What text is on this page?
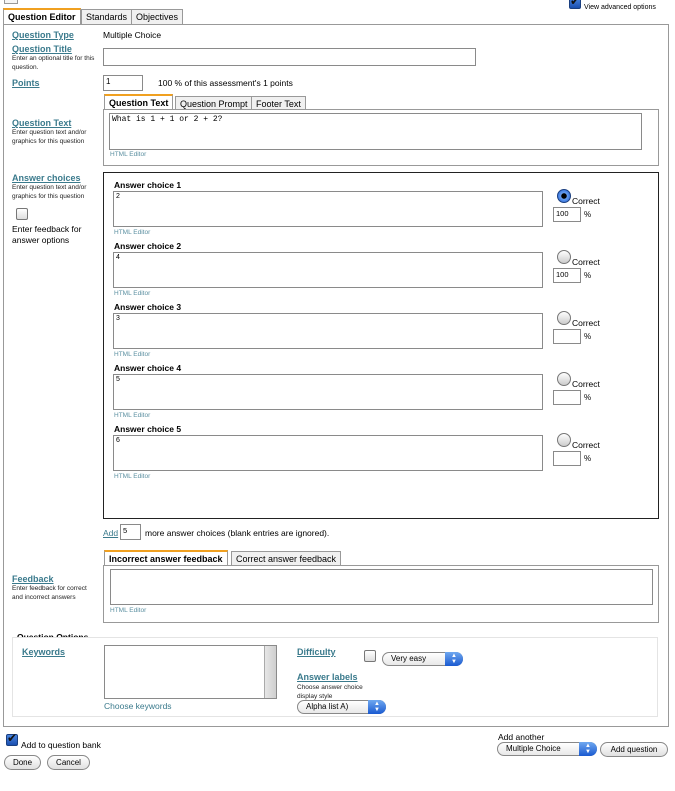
✔
View advanced options
Question Editor	Standards Objectives
Question Type	Multiple Choice
Question Title
Enter an optional title for this question.
Points	1	100 % of this assessment's 1 points
Question Text	Question Prompt Footer Text
Question Text
Enter question text and/or graphics for this question
What is 1 + 1 or 2 + 2?
HTML Editor
Answer choices
Enter question text and/or graphics for this question
Enter feedback for answer options
Answer choice 1
2
HTML Editor
Correct
100	%
Answer choice 2
4
HTML Editor
Correct
100	%
Answer choice 3
3
HTML Editor
Correct
%
Answer choice 4
5
HTML Editor
Correct
%
Answer choice 5
6
HTML Editor
Correct
%
Add 5	more answer choices (blank entries are ignored).
Incorrect answer feedback	Correct answer feedback
HTML Editor
Feedback
Enter feedback for correct and incorrect answers
Keywords
Choose keywords
Difficulty
Very easy	▲
▼
Answer labels
Choose answer choice display style
Alpha list A)	▲
▼
✔
Add to question bank
Done	Cancel
Add another
Multiple Choice	▲
▼	Add question
